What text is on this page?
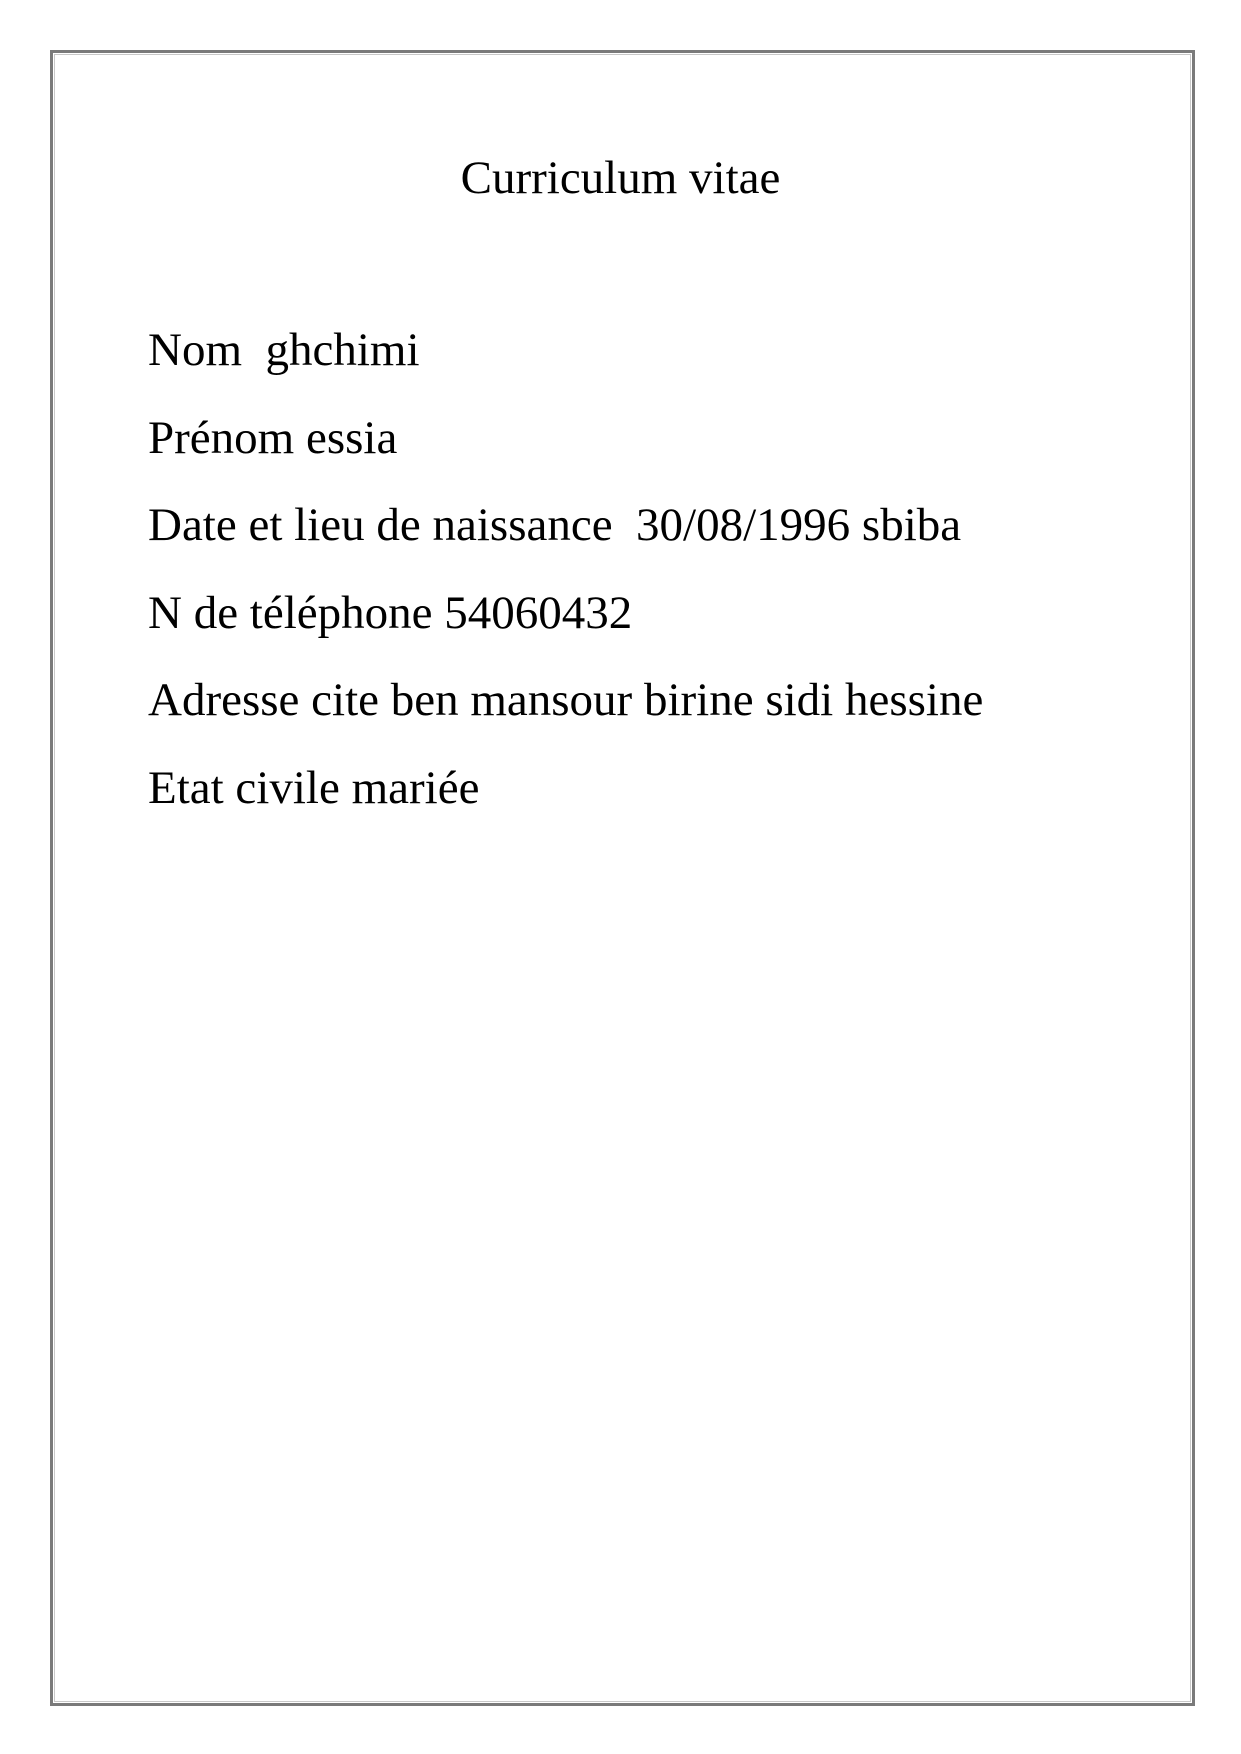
Curriculum vitae
Nom  ghchimi
Prénom essia
Date et lieu de naissance  30/08/1996 sbiba
N de téléphone 54060432
Adresse cite ben mansour birine sidi hessine
Etat civile mariée
